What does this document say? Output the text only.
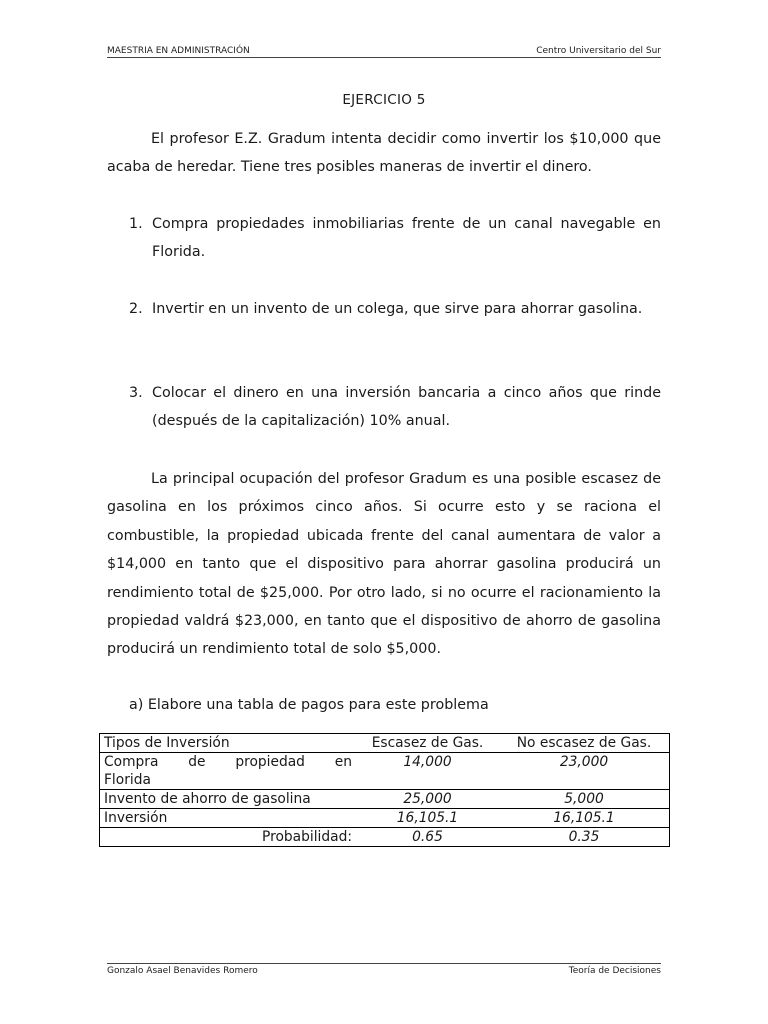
MAESTRIA EN ADMINISTRACIÓN	Centro Universitario del Sur
EJERCICIO 5

El profesor E.Z. Gradum intenta decidir como invertir los $10,000 que acaba de heredar. Tiene tres posibles maneras de invertir el dinero.

1. Compra propiedades inmobiliarias frente de un canal navegable en Florida.
2. Invertir en un invento de un colega, que sirve para ahorrar gasolina.
3. Colocar el dinero en una inversión bancaria a cinco años que rinde (después de la capitalización) 10% anual.

La principal ocupación del profesor Gradum es una posible escasez de gasolina en los próximos cinco años. Si ocurre esto y se raciona el combustible, la propiedad ubicada frente del canal aumentara de valor a $14,000 en tanto que el dispositivo para ahorrar gasolina producirá un rendimiento total de $25,000. Por otro lado, si no ocurre el racionamiento la propiedad valdrá $23,000, en tanto que el dispositivo de ahorro de gasolina producirá un rendimiento total de solo $5,000.

a) Elabore una tabla de pagos para este problema
Tipos de Inversión	Escasez de Gas.	No escasez de Gas.
Compra de propiedad en
Florida	14,000	23,000
Invento de ahorro de gasolina	25,000	5,000
Inversión	16,105.1	16,105.1
Probabilidad:	0.65	0.35
Gonzalo Asael Benavides Romero	Teoría de Decisiones
